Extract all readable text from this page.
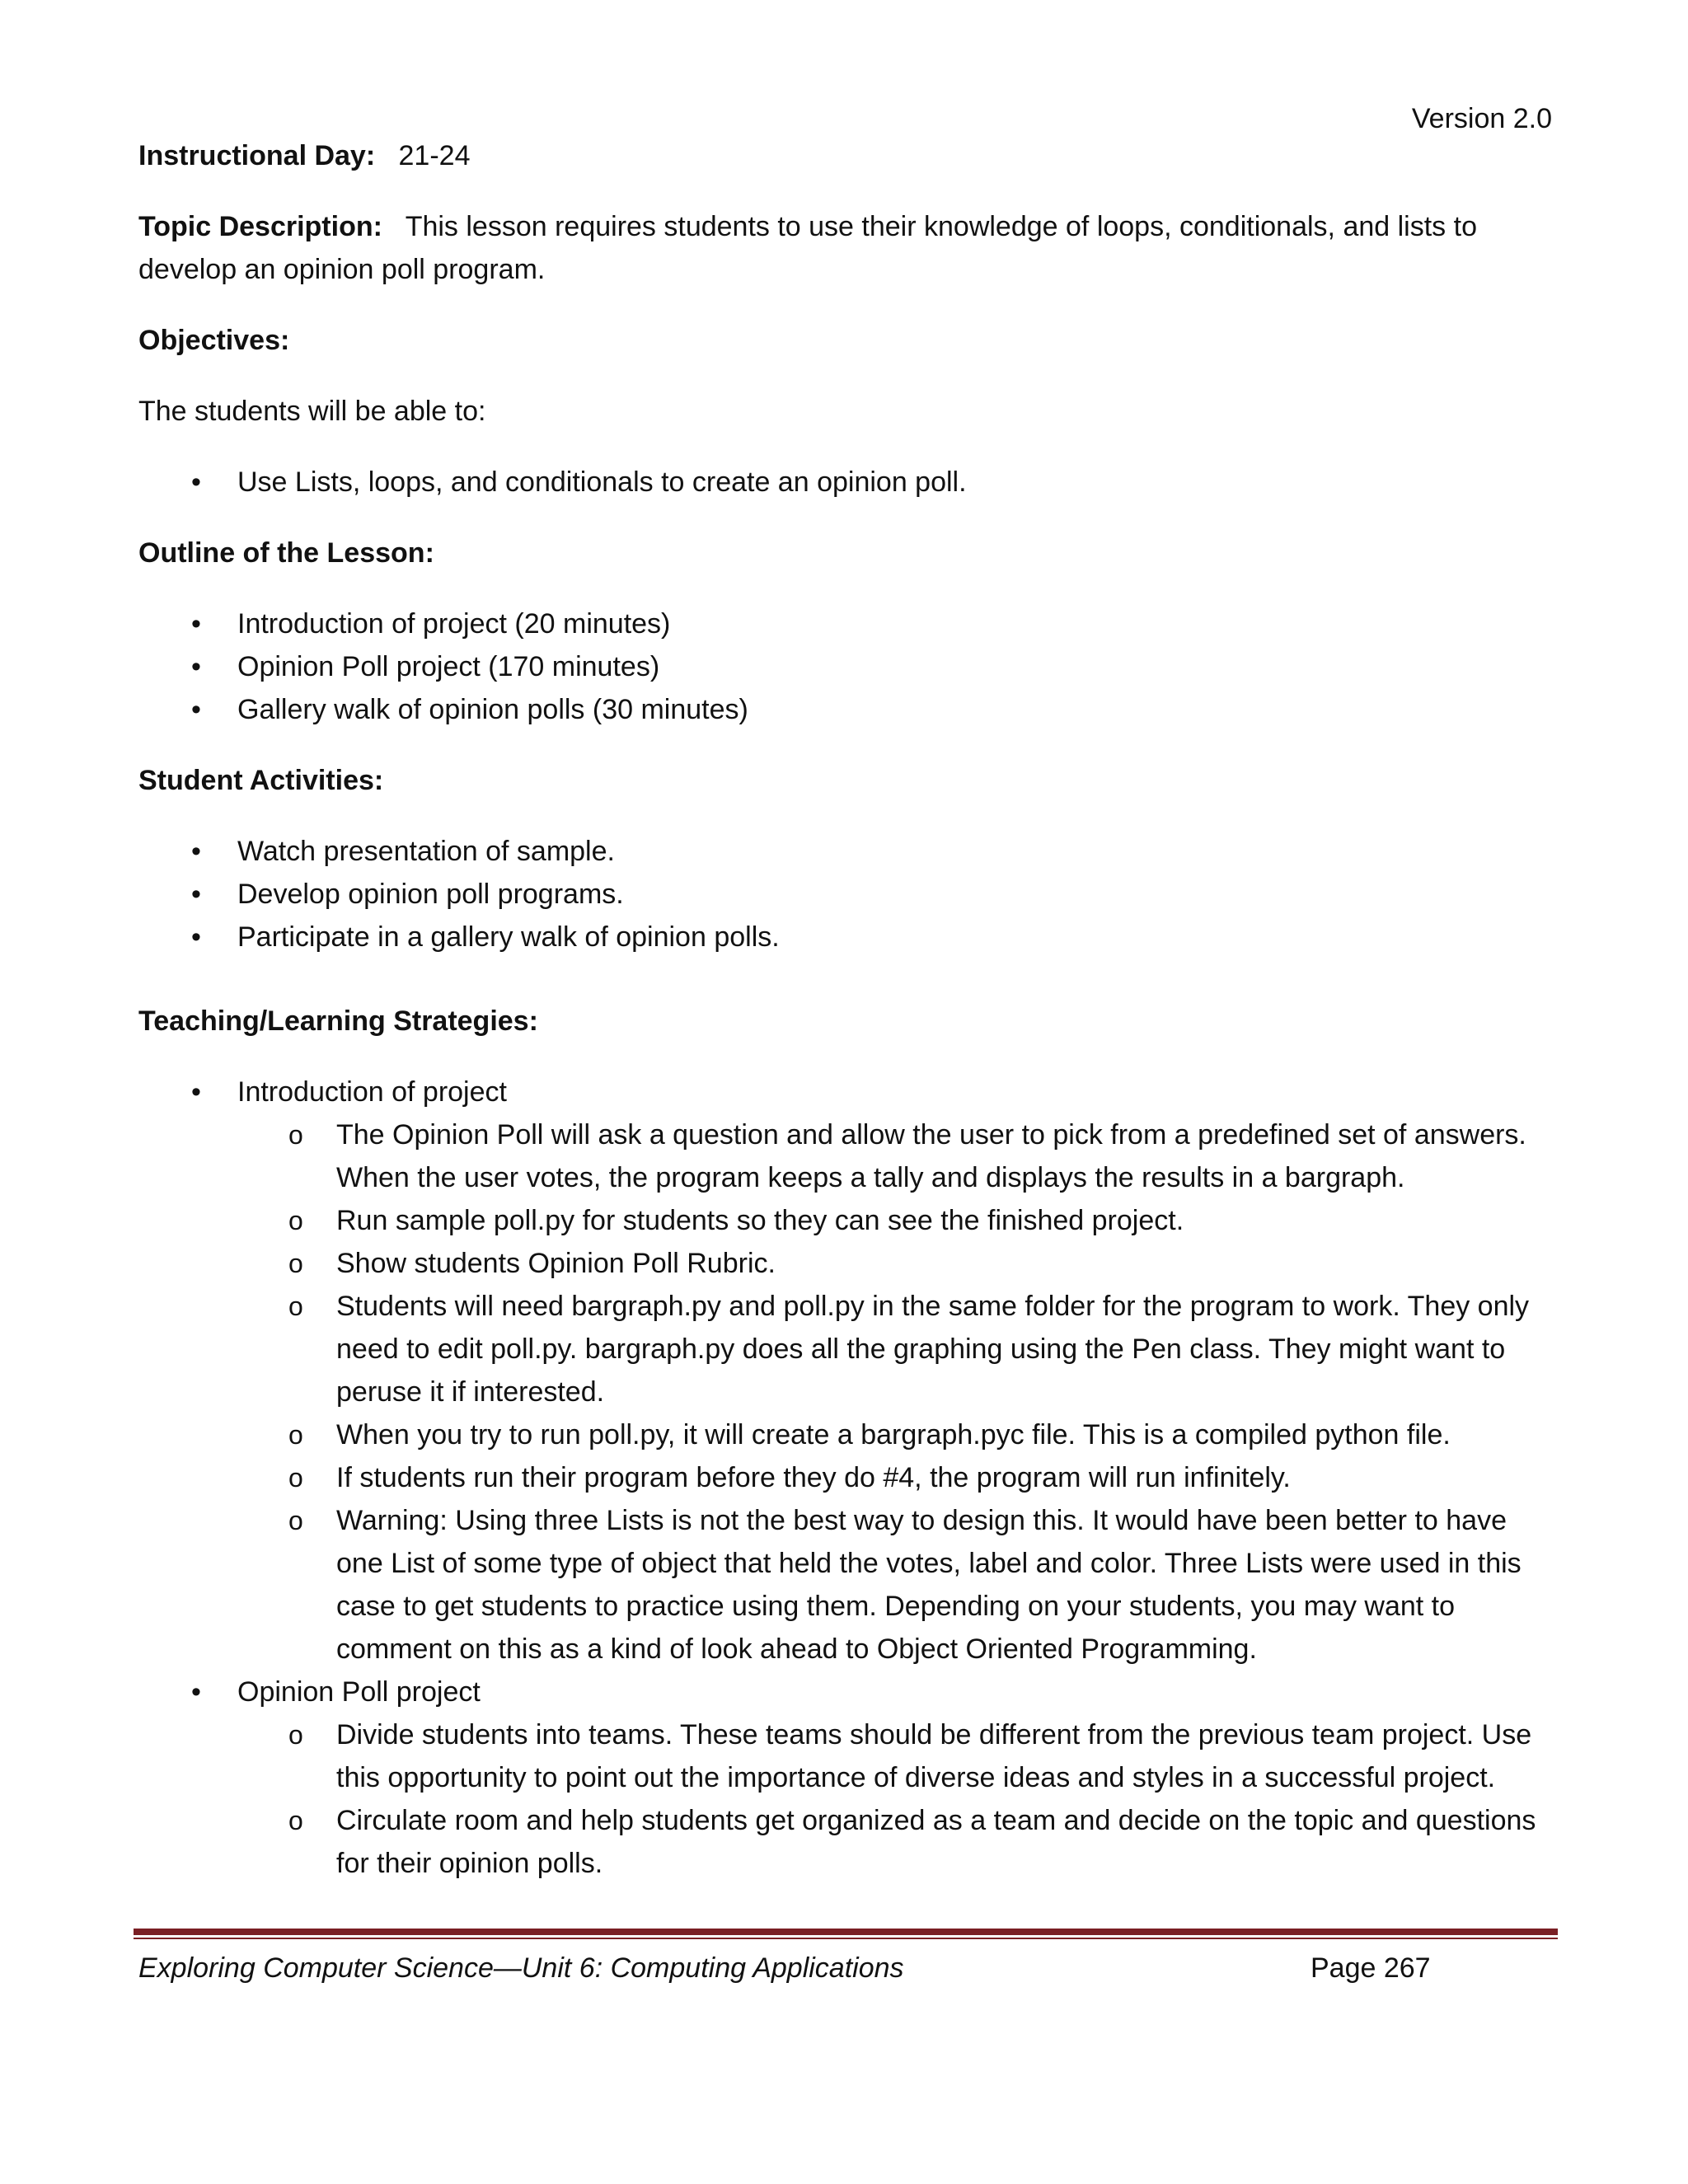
Version 2.0

Instructional Day: 21-24

Topic Description: This lesson requires students to use their knowledge of loops, conditionals, and lists to develop an opinion poll program.

Objectives:

The students will be able to:

• Use Lists, loops, and conditionals to create an opinion poll.

Outline of the Lesson:

• Introduction of project (20 minutes)
• Opinion Poll project (170 minutes)
• Gallery walk of opinion polls (30 minutes)

Student Activities:

• Watch presentation of sample.
• Develop opinion poll programs.
• Participate in a gallery walk of opinion polls.

Teaching/Learning Strategies:

• Introduction of project
o The Opinion Poll will ask a question and allow the user to pick from a predefined set of answers. When the user votes, the program keeps a tally and displays the results in a bargraph.
o Run sample poll.py for students so they can see the finished project.
o Show students Opinion Poll Rubric.
o Students will need bargraph.py and poll.py in the same folder for the program to work. They only need to edit poll.py. bargraph.py does all the graphing using the Pen class. They might want to peruse it if interested.
o When you try to run poll.py, it will create a bargraph.pyc file. This is a compiled python file.
o If students run their program before they do #4, the program will run infinitely.
o Warning: Using three Lists is not the best way to design this. It would have been better to have one List of some type of object that held the votes, label and color. Three Lists were used in this case to get students to practice using them. Depending on your students, you may want to comment on this as a kind of look ahead to Object Oriented Programming.
• Opinion Poll project
o Divide students into teams. These teams should be different from the previous team project. Use this opportunity to point out the importance of diverse ideas and styles in a successful project.
o Circulate room and help students get organized as a team and decide on the topic and questions for their opinion polls.
Exploring Computer Science—Unit 6: Computing Applications	Page 267
